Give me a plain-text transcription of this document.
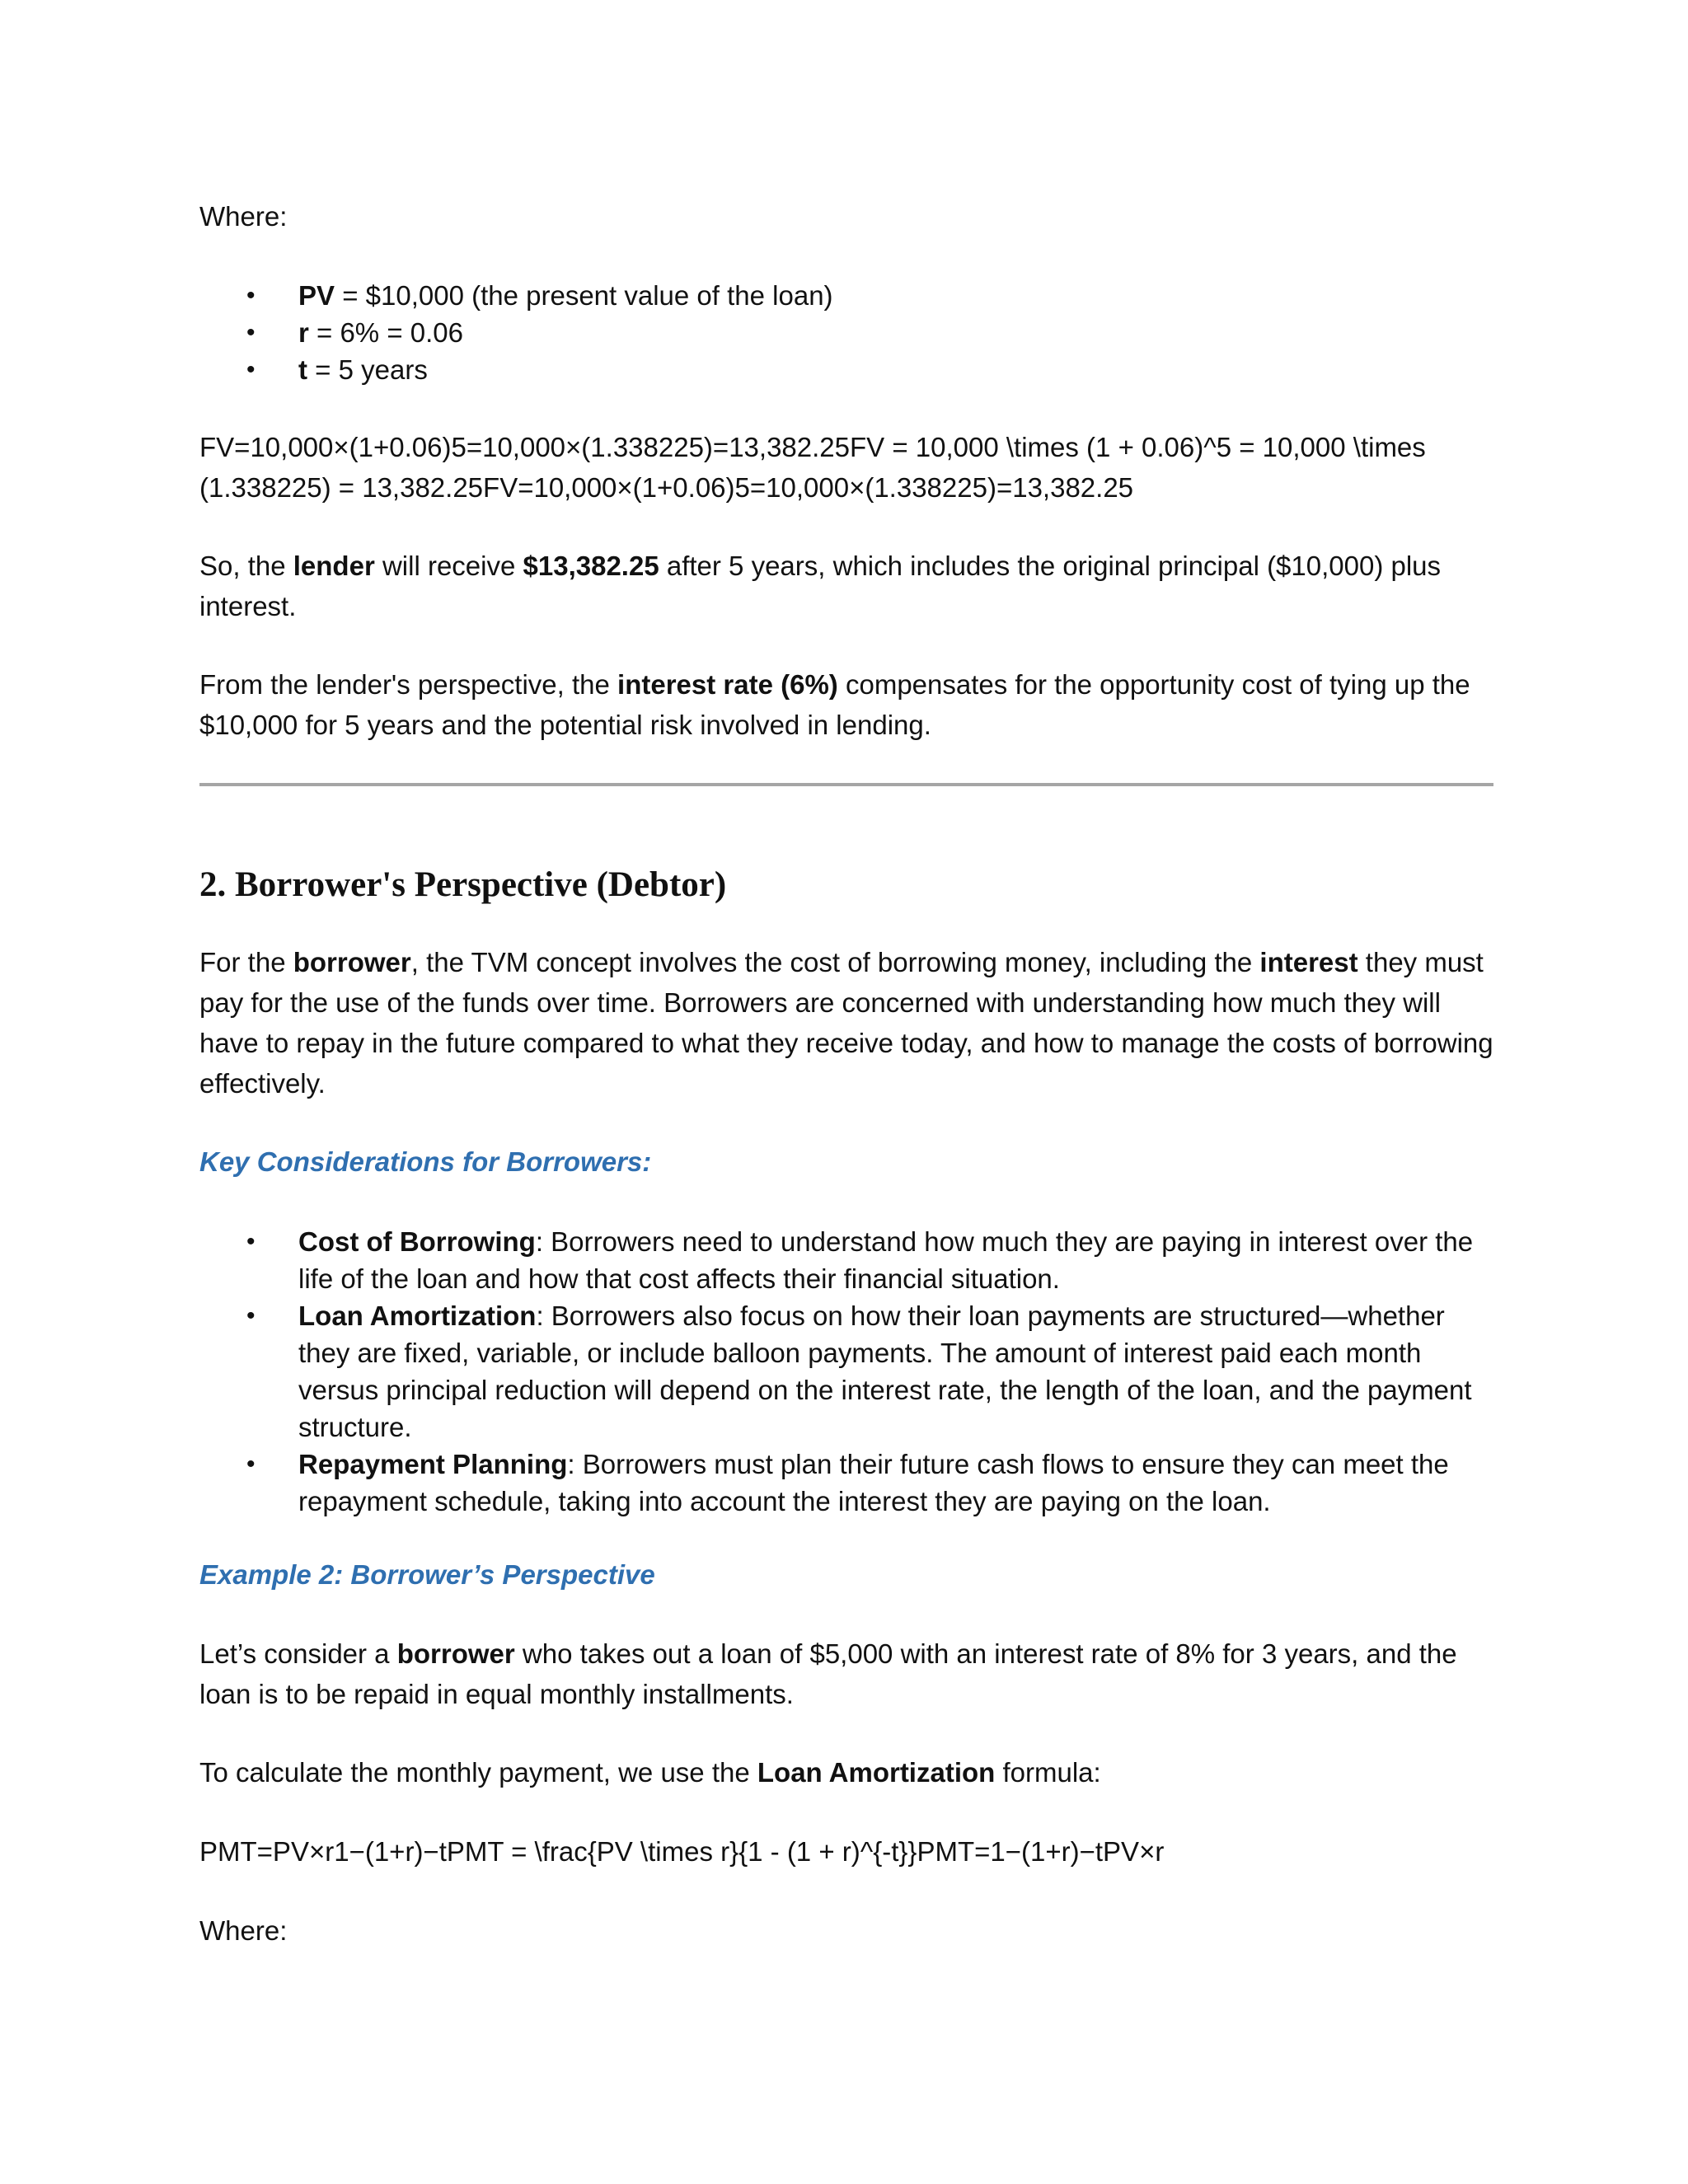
Where:

• PV = $10,000 (the present value of the loan)
• r = 6% = 0.06
• t = 5 years

FV=10,000×(1+0.06)5=10,000×(1.338225)=13,382.25FV = 10,000 \times (1 + 0.06)^5 = 10,000 \times

(1.338225) = 13,382.25FV=10,000×(1+0.06)5=10,000×(1.338225)=13,382.25

So, the lender will receive $13,382.25 after 5 years, which includes the original principal ($10,000) plus interest.

From the lender's perspective, the interest rate (6%) compensates for the opportunity cost of tying up the $10,000 for 5 years and the potential risk involved in lending.

2. Borrower's Perspective (Debtor)

For the borrower, the TVM concept involves the cost of borrowing money, including the interest they must pay for the use of the funds over time. Borrowers are concerned with understanding how much they will have to repay in the future compared to what they receive today, and how to manage the costs of borrowing effectively.

Key Considerations for Borrowers:
• Cost of Borrowing: Borrowers need to understand how much they are paying in interest over the life of the loan and how that cost affects their financial situation.
• Loan Amortization: Borrowers also focus on how their loan payments are structured—whether they are fixed, variable, or include balloon payments. The amount of interest paid each month versus principal reduction will depend on the interest rate, the length of the loan, and the payment structure.
• Repayment Planning: Borrowers must plan their future cash flows to ensure they can meet the repayment schedule, taking into account the interest they are paying on the loan.
Example 2: Borrower’s Perspective

Let’s consider a borrower who takes out a loan of $5,000 with an interest rate of 8% for 3 years, and the loan is to be repaid in equal monthly installments.

To calculate the monthly payment, we use the Loan Amortization formula:

PMT=PV×r1−(1+r)−tPMT = \frac{PV \times r}{1 - (1 + r)^{-t}}PMT=1−(1+r)−tPV×r

Where:
